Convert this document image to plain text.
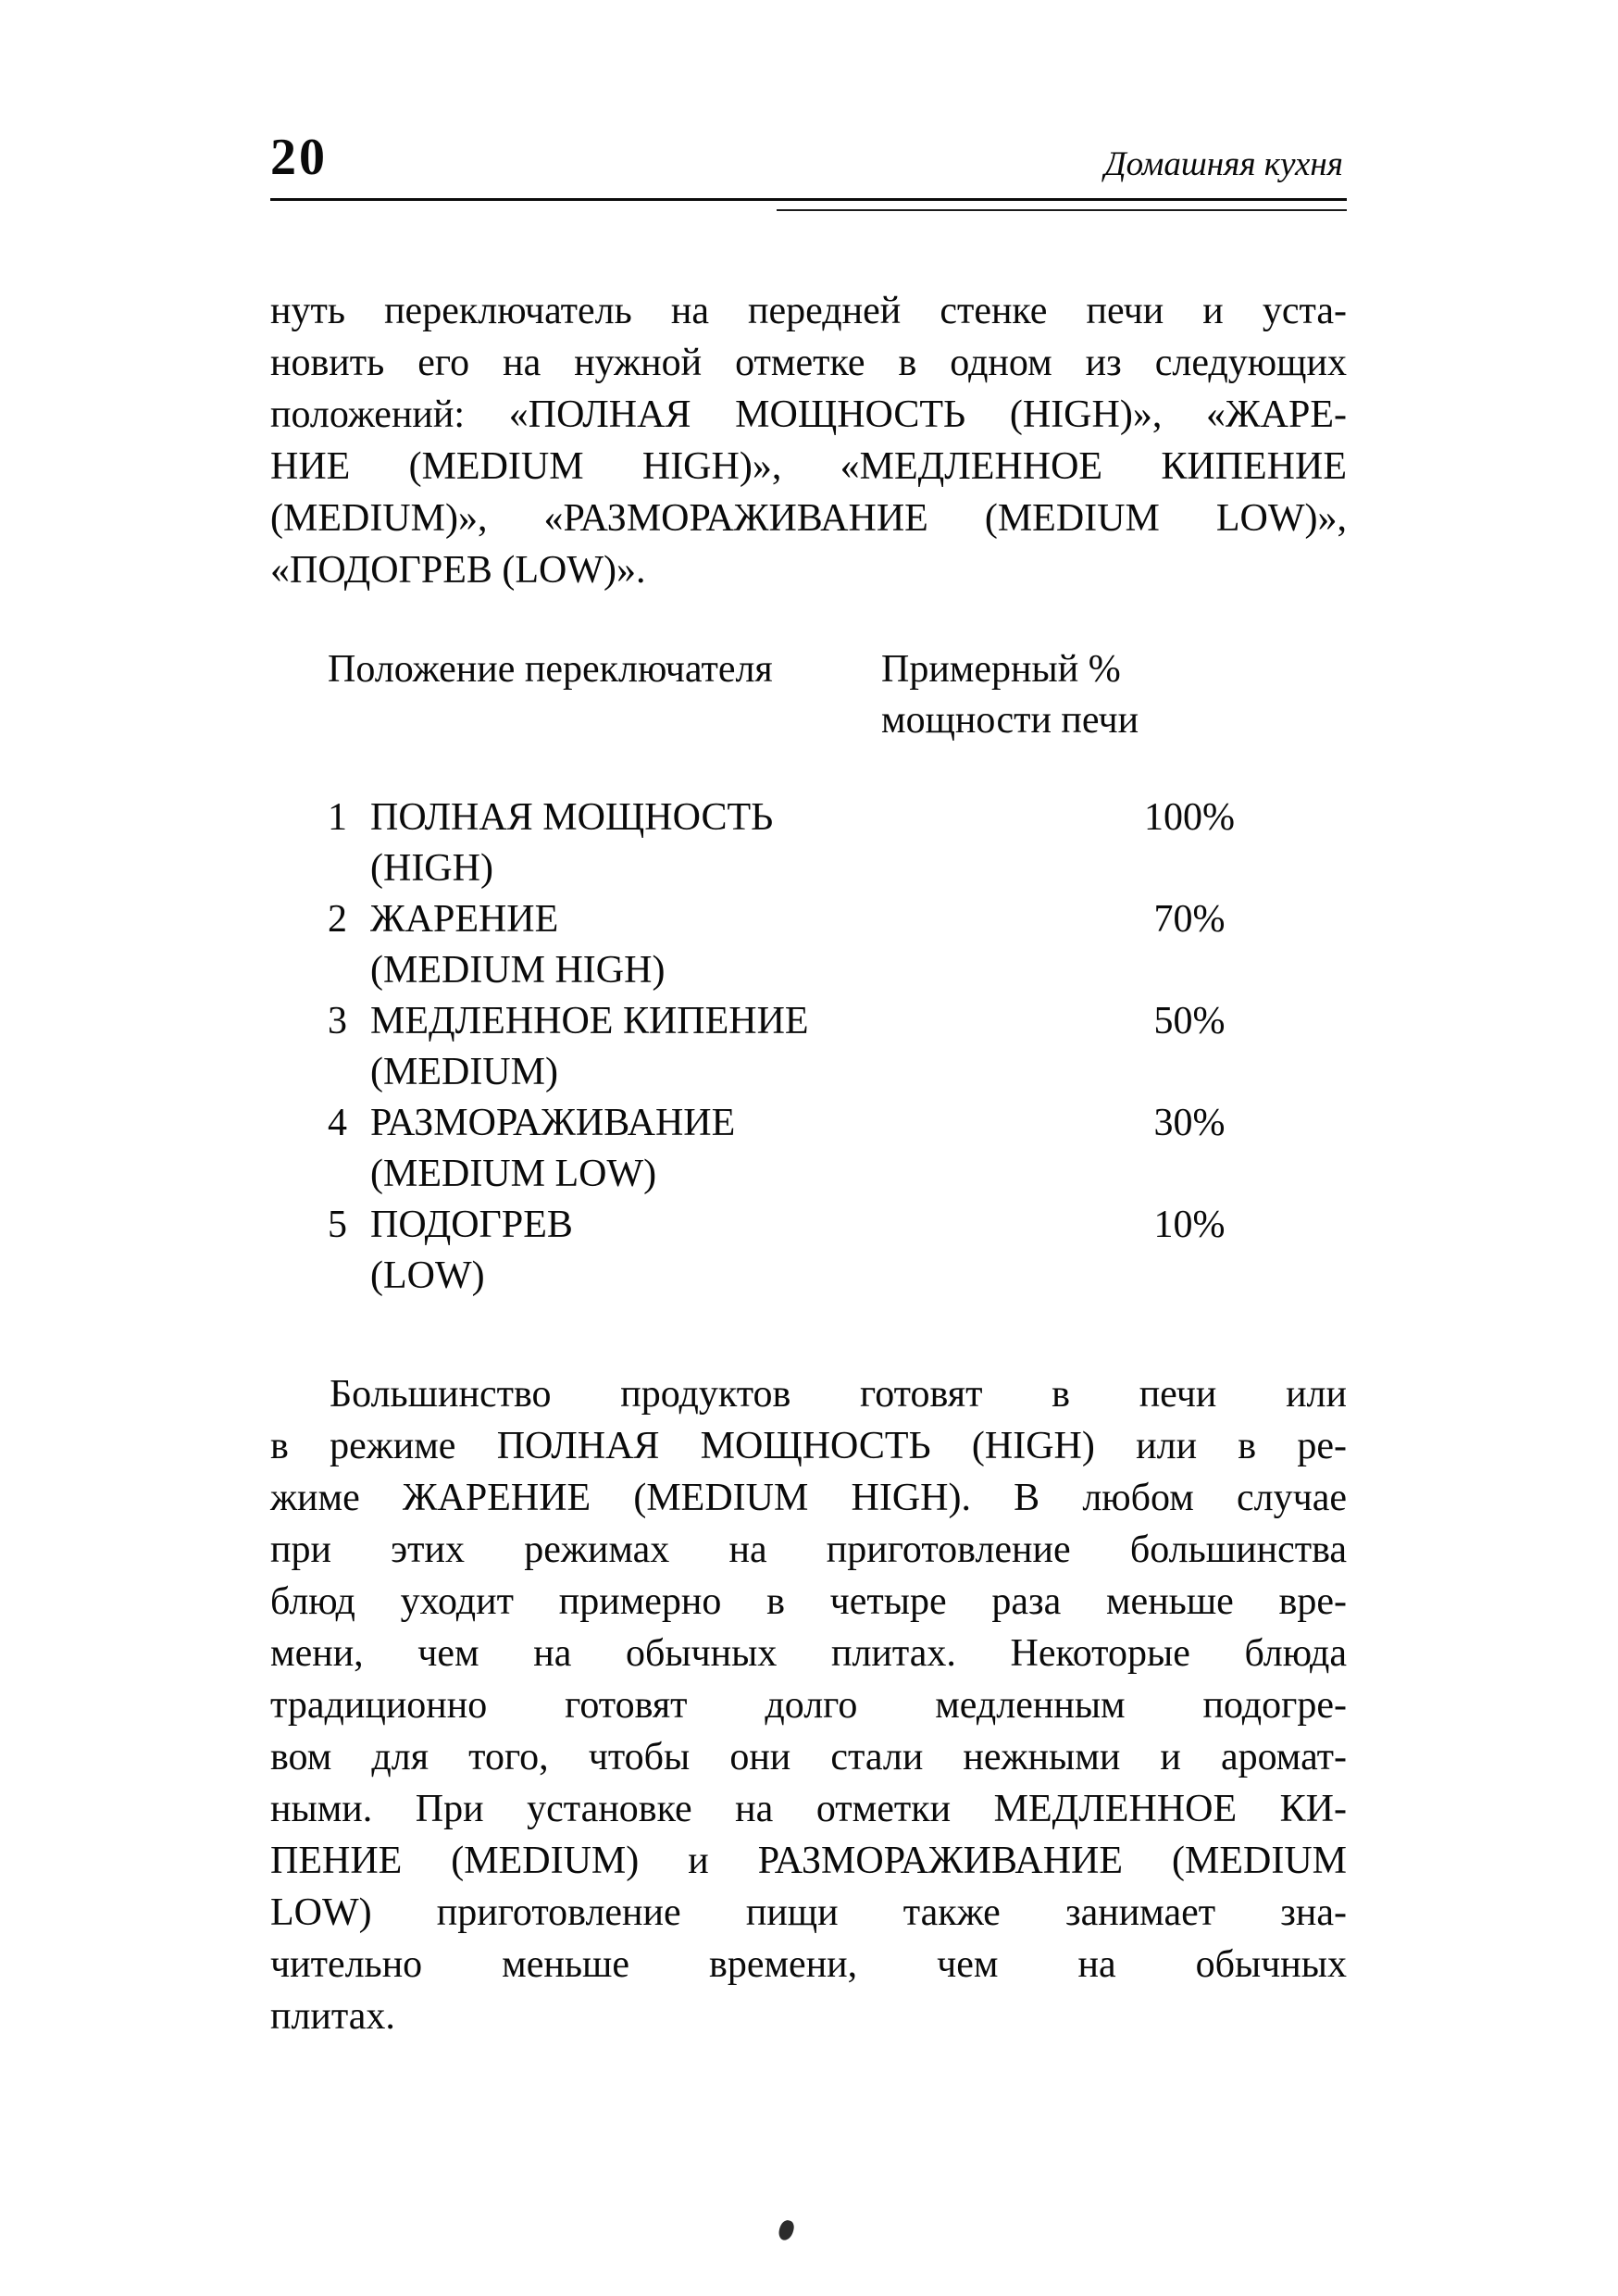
20	Домашняя кухня
нуть переключатель на передней стенке печи и уста-
новить его на нужной отметке в одном из следующих
положений: «ПОЛНАЯ МОЩНОСТЬ (HIGH)», «ЖАРЕ-
НИЕ (MEDIUM HIGH)», «МЕДЛЕННОЕ КИПЕНИЕ
(MEDIUM)», «РАЗМОРАЖИВАНИЕ (MEDIUM LOW)»,
«ПОДОГРЕВ (LOW)».
Положение переключателя	Примерный %
мощности печи
1 ПОЛНАЯ МОЩНОСТЬ	100%
(HIGH)
2 ЖАРЕНИЕ	70%
(MEDIUM HIGH)
3 МЕДЛЕННОЕ КИПЕНИЕ	50%
(MEDIUM)
4 РАЗМОРАЖИВАНИЕ	30%
(MEDIUM LOW)
5 ПОДОГРЕВ	10%
(LOW)
Большинство продуктов готовят в печи или
в режиме ПОЛНАЯ МОЩНОСТЬ (HIGH) или в ре-
жиме ЖАРЕНИЕ (MEDIUM HIGH). В любом случае
при этих режимах на приготовление большинства
блюд уходит примерно в четыре раза меньше вре-
мени, чем на обычных плитах. Некоторые блюда
традиционно готовят долго медленным подогре-
вом для того, чтобы они стали нежными и аромат-
ными. При установке на отметки МЕДЛЕННОЕ КИ-
ПЕНИЕ (MEDIUM) и РАЗМОРАЖИВАНИЕ (MEDIUM
LOW) приготовление пищи также занимает зна-
чительно меньше времени, чем на обычных
плитах.
